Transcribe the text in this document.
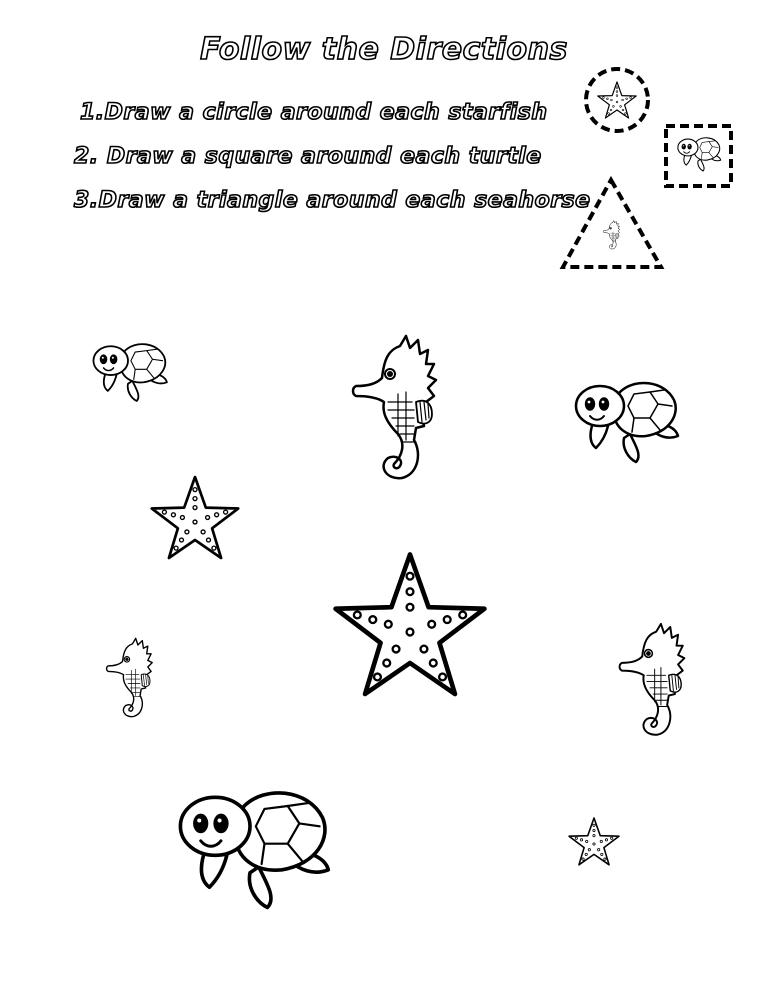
Follow the Directions
1.Draw a circle around each starfish
2. Draw a square around each turtle
3.Draw a triangle around each seahorse
